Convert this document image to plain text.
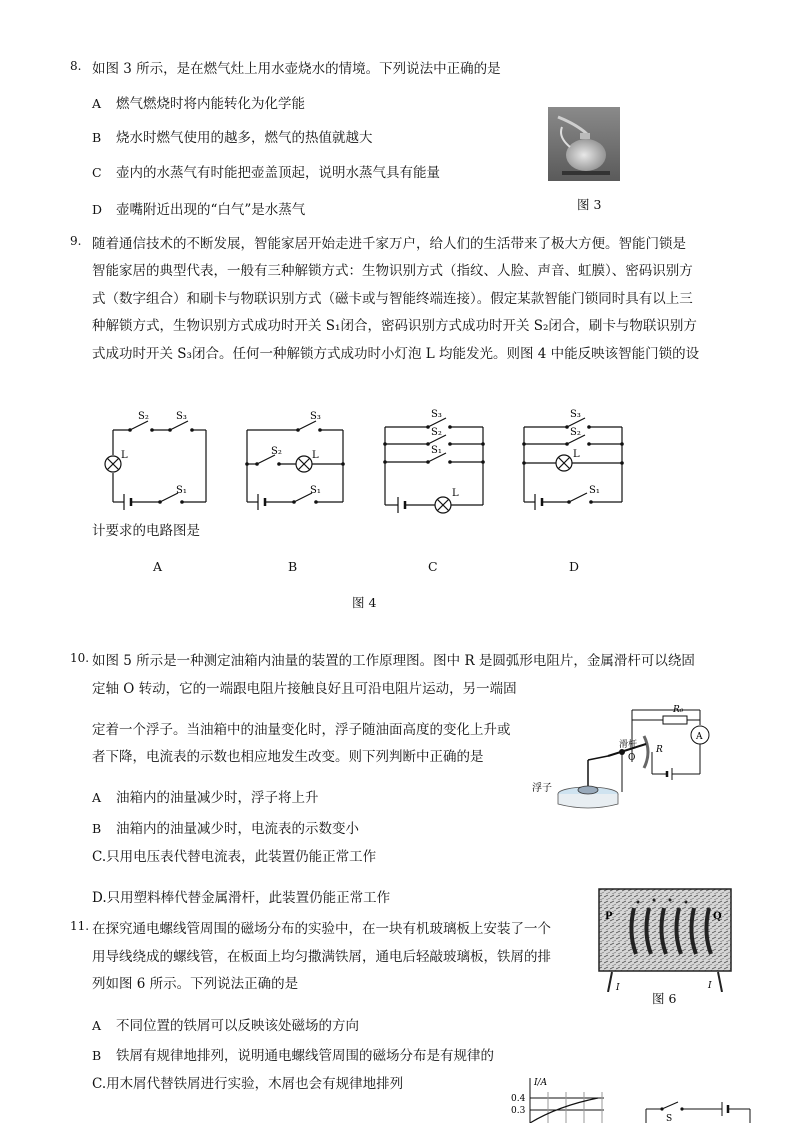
8. 如图 3 所示，是在燃气灶上用水壶烧水的情境。下列说法中正确的是
A 燃气燃烧时将内能转化为化学能
B 烧水时燃气使用的越多，燃气的热值就越大
C 壶内的水蒸气有时能把壶盖顶起，说明水蒸气具有能量
D 壶嘴附近出现的“白气”是水蒸气	图 3
9. 随着通信技术的不断发展，智能家居开始走进千家万户，给人们的生活带来了极大方便。智能门锁是
智能家居的典型代表，一般有三种解锁方式：生物识别方式（指纹、人脸、声音、虹膜）、密码识别方
式（数字组合）和刷卡与物联识别方式（磁卡或与智能终端连接）。假定某款智能门锁同时具有以上三
种解锁方式，生物识别方式成功时开关 S₁闭合，密码识别方式成功时开关 S₂闭合，刷卡与物联识别方
式成功时开关 S₃闭合。任何一种解锁方式成功时小灯泡 L 均能发光。则图 4 中能反映该智能门锁的设
S₂	S₃
L
S₁
S₃
S₂	L
S₁
S₃
S₂
S₁
L
S₃
S₂
L
S₁
计要求的电路图是
A	B	C	D
图 4
10. 如图 5 所示是一种测定油箱内油量的装置的工作原理图。图中 R 是圆弧形电阻片，金属滑杆可以绕固
定轴 O 转动，它的一端跟电阻片接触良好且可沿电阻片运动，另一端固
定着一个浮子。当油箱中的油量变化时，浮子随油面高度的变化上升或
者下降，电流表的示数也相应地发生改变。则下列判断中正确的是
A 油箱内的油量减少时，浮子将上升
B 油箱内的油量减少时，电流表的示数变小
C.只用电压表代替电流表，此装置仍能正常工作
D.只用塑料棒代替金属滑杆，此装置仍能正常工作
R₀
A
滑杆
O
R
浮子
11. 在探究通电螺线管周围的磁场分布的实验中，在一块有机玻璃板上安装了一个
用导线绕成的螺线管，在板面上均匀撒满铁屑，通电后轻敲玻璃板，铁屑的排
列如图 6 所示。下列说法正确的是
A 不同位置的铁屑可以反映该处磁场的方向
B 铁屑有规律地排列，说明通电螺线管周围的磁场分布是有规律的
C.用木屑代替铁屑进行实验，木屑也会有规律地排列
P	Q
I	I
图 6
I/A
0.4
0.3
S
